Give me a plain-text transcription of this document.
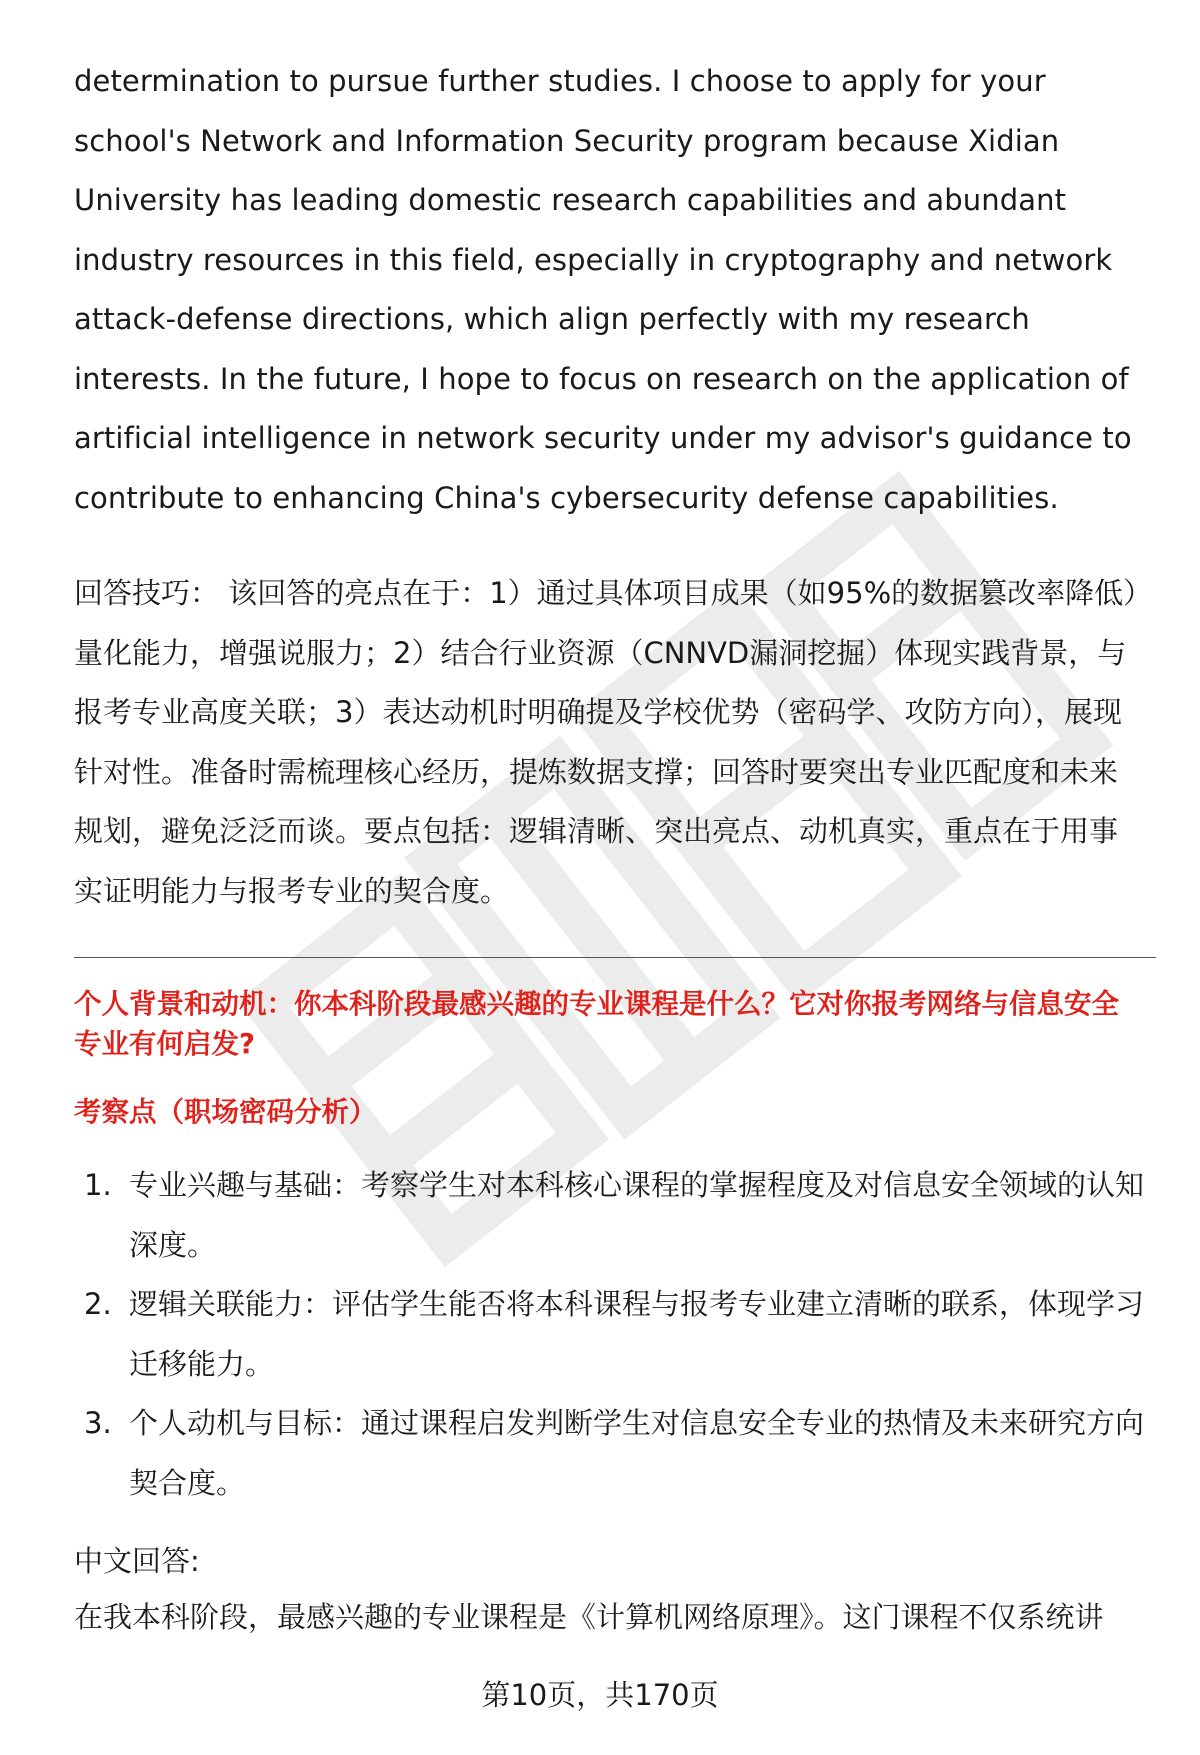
determination to pursue further studies. I choose to apply for your school's Network and Information Security program because Xidian University has leading domestic research capabilities and abundant industry resources in this field, especially in cryptography and network attack-defense directions, which align perfectly with my research interests. In the future, I hope to focus on research on the application of artificial intelligence in network security under my advisor's guidance to contribute to enhancing China's cybersecurity defense capabilities.

回答技巧： 该回答的亮点在于：1）通过具体项目成果（如95%的数据篡改率降低）量化能力，增强说服力；2）结合行业资源（CNNVD漏洞挖掘）体现实践背景，与报考专业高度关联；3）表达动机时明确提及学校优势（密码学、攻防方向），展现针对性。准备时需梳理核心经历，提炼数据支撑；回答时要突出专业匹配度和未来规划，避免泛泛而谈。要点包括：逻辑清晰、突出亮点、动机真实，重点在于用事实证明能力与报考专业的契合度。

个人背景和动机：你本科阶段最感兴趣的专业课程是什么？它对你报考网络与信息安全专业有何启发?
考察点（职场密码分析）
1. 专业兴趣与基础：考察学生对本科核心课程的掌握程度及对信息安全领域的认知深度。
2. 逻辑关联能力：评估学生能否将本科课程与报考专业建立清晰的联系，体现学习迁移能力。
3. 个人动机与目标：通过课程启发判断学生对信息安全专业的热情及未来研究方向契合度。
中文回答:
在我本科阶段，最感兴趣的专业课程是《计算机网络原理》。这门课程不仅系统讲
第10页，共170页
